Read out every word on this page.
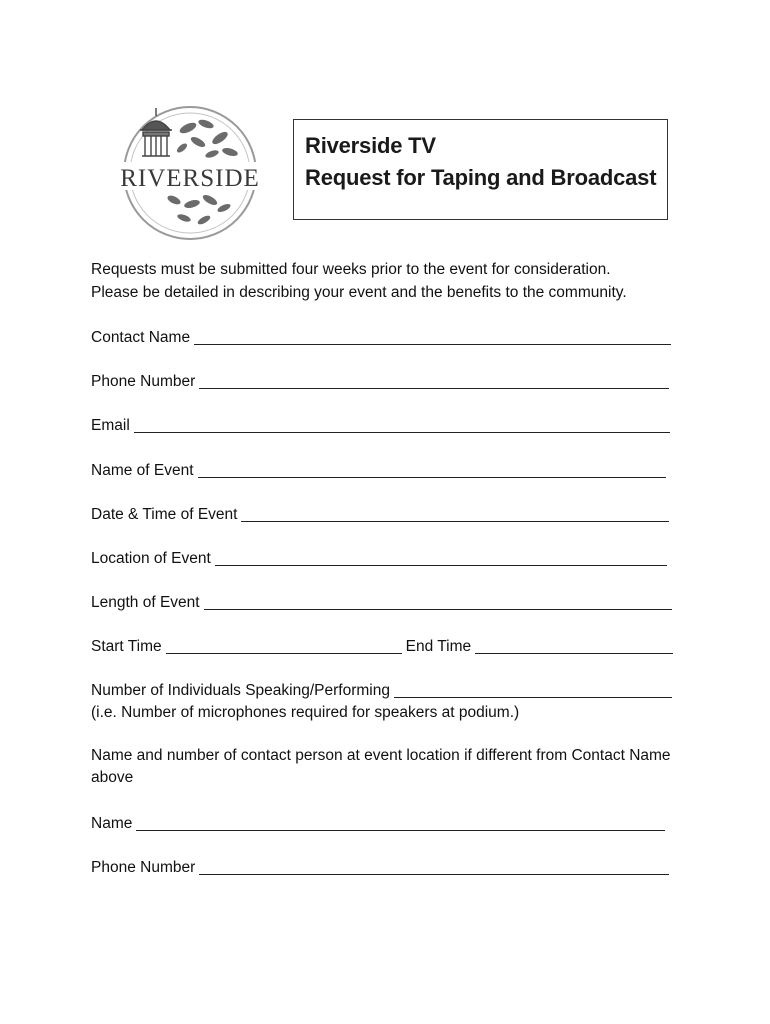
RIVERSIDE
Riverside TV
Request for Taping and Broadcast
Requests must be submitted four weeks prior to the event for consideration.
Please be detailed in describing your event and the benefits to the community.
Contact Name
Phone Number
Email
Name of Event
Date & Time of Event
Location of Event
Length of Event
Start Time	End Time
Number of Individuals Speaking/Performing
(i.e. Number of microphones required for speakers at podium.)
Name and number of contact person at event location if different from Contact Name above
Name
Phone Number
